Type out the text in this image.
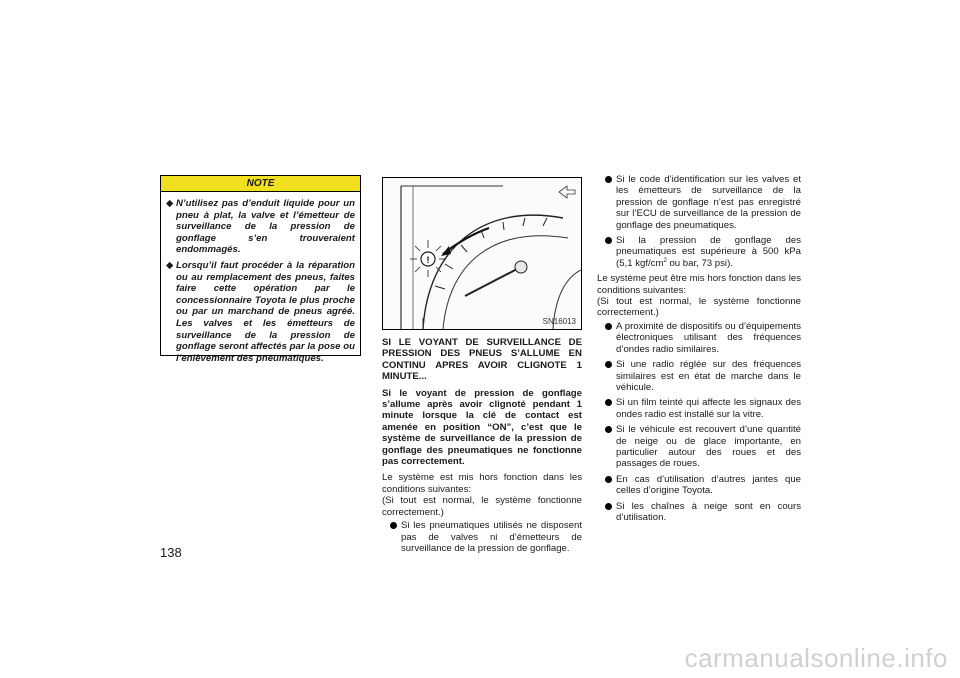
NOTE
◆ N’utilisez pas d’enduit liquide pour un pneu à plat, la valve et l’émetteur de surveillance de la pression de gonflage s’en trouveraient endommagés.
◆ Lorsqu’il faut procéder à la réparation ou au remplacement des pneus, faites faire cette opération par le concessionnaire Toyota le plus proche ou par un marchand de pneus agréé. Les valves et les émetteurs de surveillance de la pression de gonflage seront affectés par la pose ou l’enlèvement des pneumatiques.
138
!
SN16013

SI LE VOYANT DE SURVEILLANCE DE PRESSION DES PNEUS S’ALLUME EN CONTINU APRES AVOIR CLIGNOTE 1 MINUTE...

Si le voyant de pression de gonflage s’allume après avoir clignoté pendant 1 minute lorsque la clé de contact est amenée en position “ON”, c’est que le système de surveillance de la pression de gonflage des pneumatiques ne fonctionne pas correctement.

Le système est mis hors fonction dans les conditions suivantes:

(Si tout est normal, le système fonctionne correctement.)

Si les pneumatiques utilisés ne disposent pas de valves ni d’émetteurs de surveillance de la pression de gonflage.
Si le code d’identification sur les valves et les émetteurs de surveillance de la pression de gonflage n’est pas enregistré sur l’ECU de surveillance de la pression de gonflage des pneumatiques.
Si la pression de gonflage des pneumatiques est supérieure à 500 kPa (5,1 kgf/$cm^2$ ou bar, 73 psi).

Le système peut être mis hors fonction dans les conditions suivantes:

(Si tout est normal, le système fonctionne correctement.)

A proximité de dispositifs ou d’équipements électroniques utilisant des fréquences d’ondes radio similaires.
Si une radio réglée sur des fréquences similaires est en état de marche dans le véhicule.
Si un film teinté qui affecte les signaux des ondes radio est installé sur la vitre.
Si le véhicule est recouvert d’une quantité de neige ou de glace importante, en particulier autour des roues et des passages de roues.
En cas d’utilisation d’autres jantes que celles d’origine Toyota.
Si les chaînes à neige sont en cours d’utilisation.
carmanualsonline.info
